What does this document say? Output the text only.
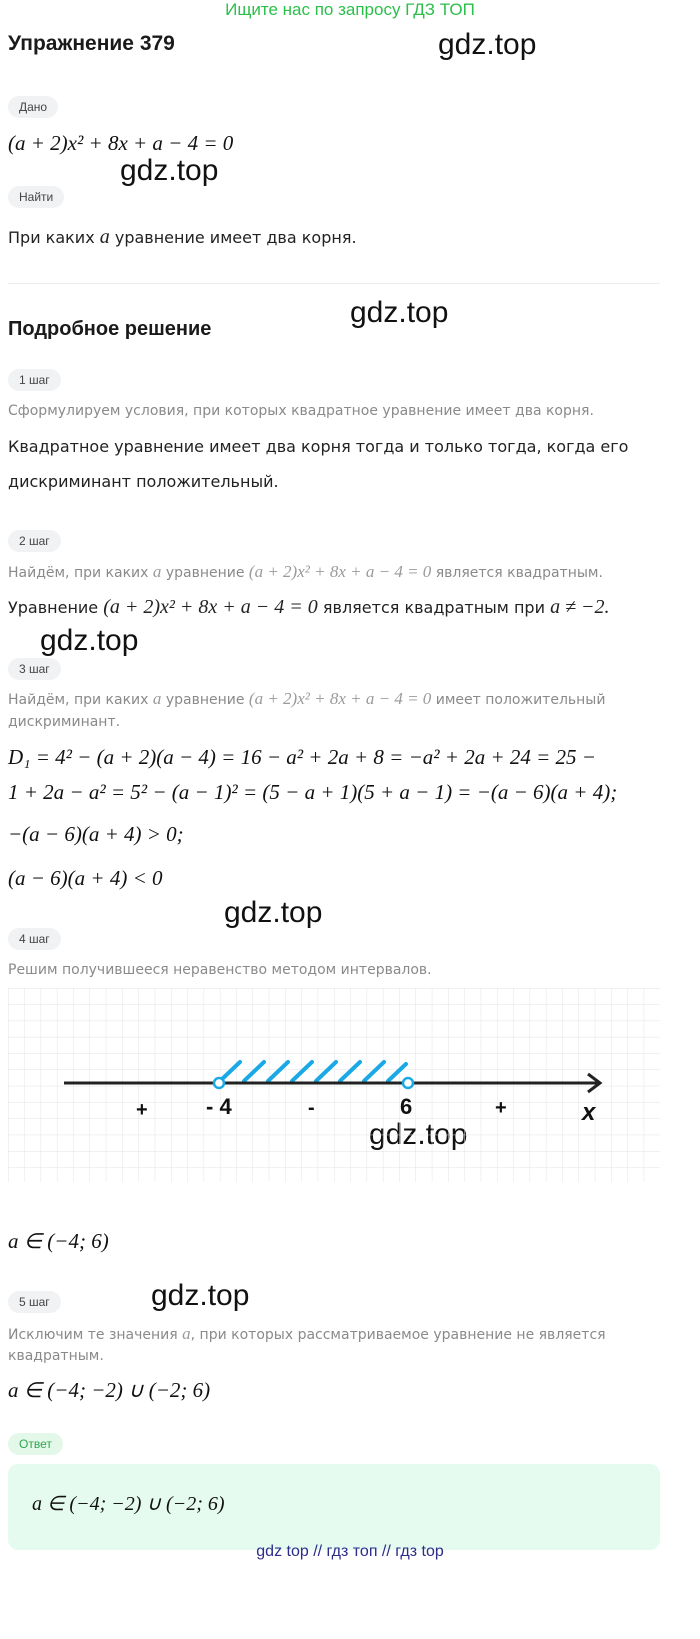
Ищите нас по запросу ГДЗ ТОП
Упражнение 379	gdz.top
gdz.top
gdz.top
gdz.top
gdz.top
gdz.top
Дано
(a + 2)x² + 8x + a − 4 = 0
Найти
При каких a уравнение имеет два корня.
Подробное решение
1 шаг
Сформулируем условия, при которых квадратное уравнение имеет два корня.
Квадратное уравнение имеет два корня тогда и только тогда, когда его
дискриминант положительный.
2 шаг
Найдём, при каких a уравнение (a + 2)x² + 8x + a − 4 = 0 является квадратным.
Уравнение (a + 2)x² + 8x + a − 4 = 0 является квадратным при a ≠ −2.
3 шаг
Найдём, при каких a уравнение (a + 2)x² + 8x + a − 4 = 0 имеет положительный
дискриминант.
D₁ = 4² − (a + 2)(a − 4) = 16 − a² + 2a + 8 = −a² + 2a + 24 = 25 −
1 + 2a − a² = 5² − (a − 1)² = (5 − a + 1)(5 + a − 1) = −(a − 6)(a + 4);
−(a − 6)(a + 4) > 0;
(a − 6)(a + 4) < 0
4 шаг
Решим получившееся неравенство методом интервалов.
- 4	6
+	-	+	x
a ∈ (−4; 6)
5 шаг
Исключим те значения a, при которых рассматриваемое уравнение не является
квадратным.
a ∈ (−4; −2) ∪ (−2; 6)
Ответ
a ∈ (−4; −2) ∪ (−2; 6)
gdz top // гдз топ // гдз top
